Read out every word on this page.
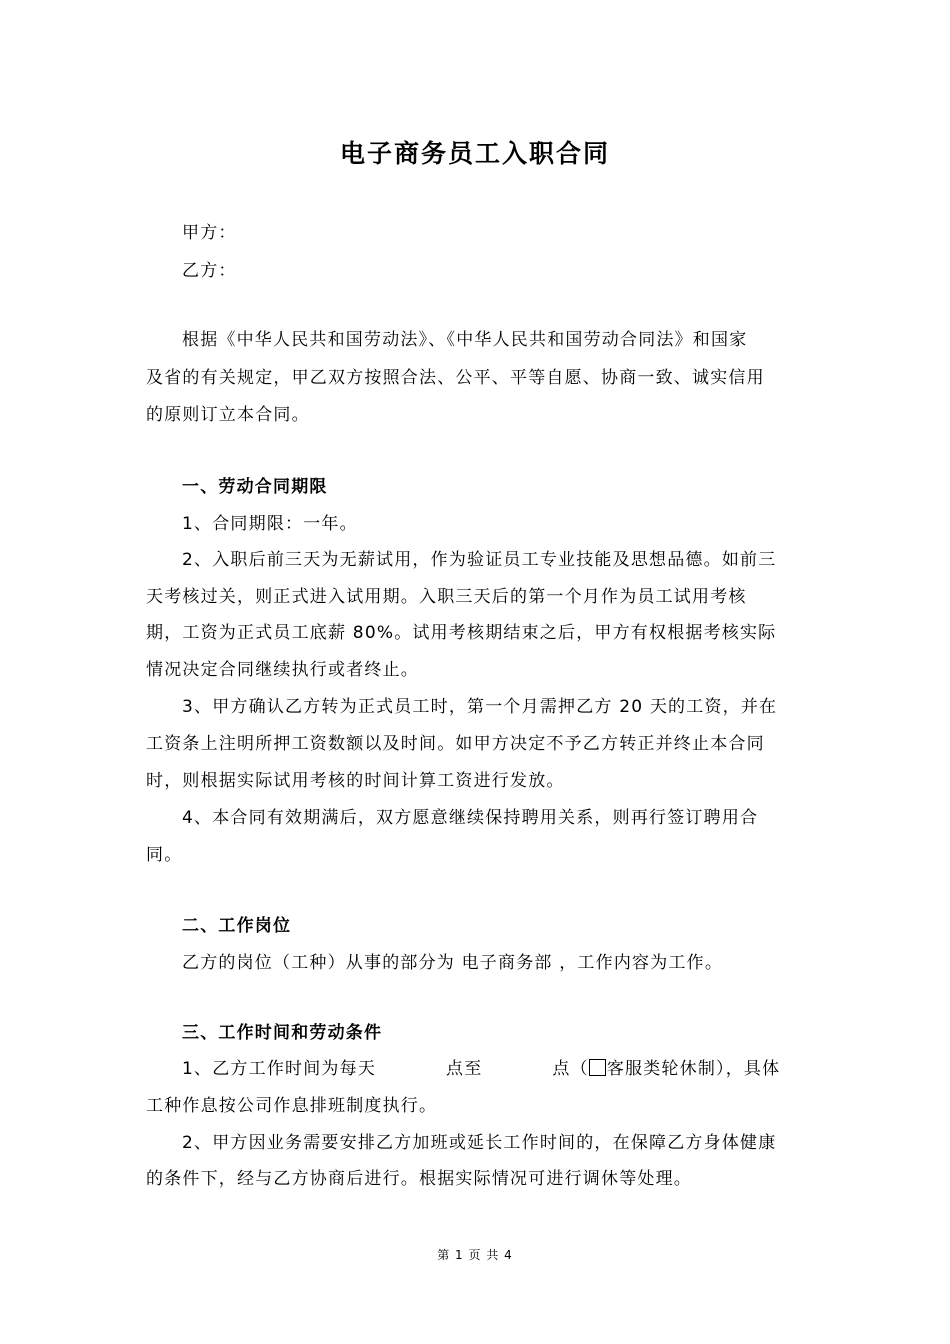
电子商务员工入职合同
甲方：
乙方：
根据《中华人民共和国劳动法》、《中华人民共和国劳动合同法》和国家
及省的有关规定，甲乙双方按照合法、公平、平等自愿、协商一致、诚实信用
的原则订立本合同。
一、劳动合同期限
1、合同期限：一年。
2、入职后前三天为无薪试用，作为验证员工专业技能及思想品德。如前三
天考核过关，则正式进入试用期。入职三天后的第一个月作为员工试用考核
期，工资为正式员工底薪 80%。试用考核期结束之后，甲方有权根据考核实际
情况决定合同继续执行或者终止。
3、甲方确认乙方转为正式员工时，第一个月需押乙方 20 天的工资，并在
工资条上注明所押工资数额以及时间。如甲方决定不予乙方转正并终止本合同
时，则根据实际试用考核的时间计算工资进行发放。
4、本合同有效期满后，双方愿意继续保持聘用关系，则再行签订聘用合
同。
二、工作岗位
乙方的岗位（工种）从事的部分为 电子商务部 ，工作内容为工作。
三、工作时间和劳动条件
1、乙方工作时间为每天	点至	点（ 客服类轮休制），具体
工种作息按公司作息排班制度执行。
2、甲方因业务需要安排乙方加班或延长工作时间的，在保障乙方身体健康
的条件下，经与乙方协商后进行。根据实际情况可进行调休等处理。
第 1 页 共 4
